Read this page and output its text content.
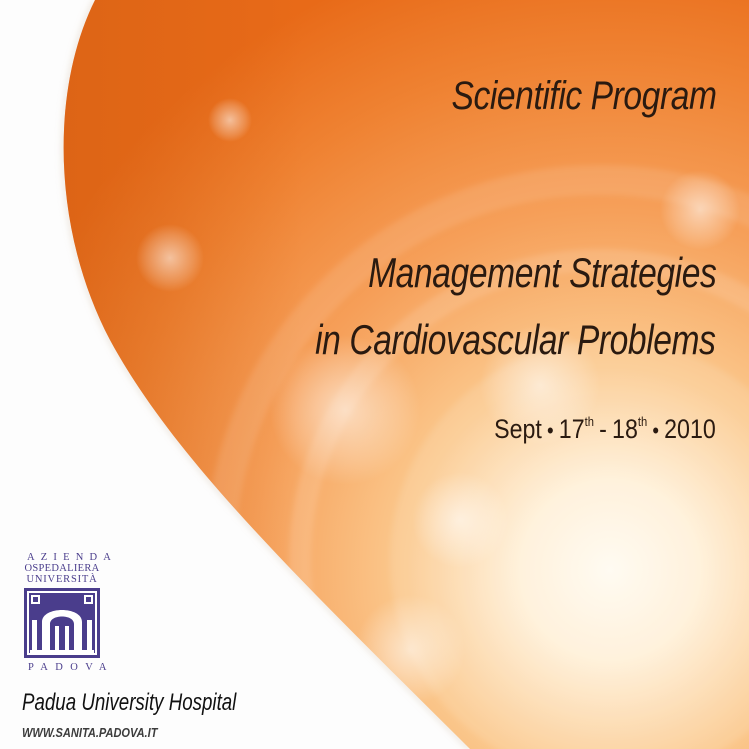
Scientific Program

Management Strategies

in Cardiovascular Problems

Sept • 17th - 18th • 2010

AZIENDA

OSPEDALIERA

UNIVERSITÀ

PADOVA

Padua University Hospital

WWW.SANITA.PADOVA.IT
